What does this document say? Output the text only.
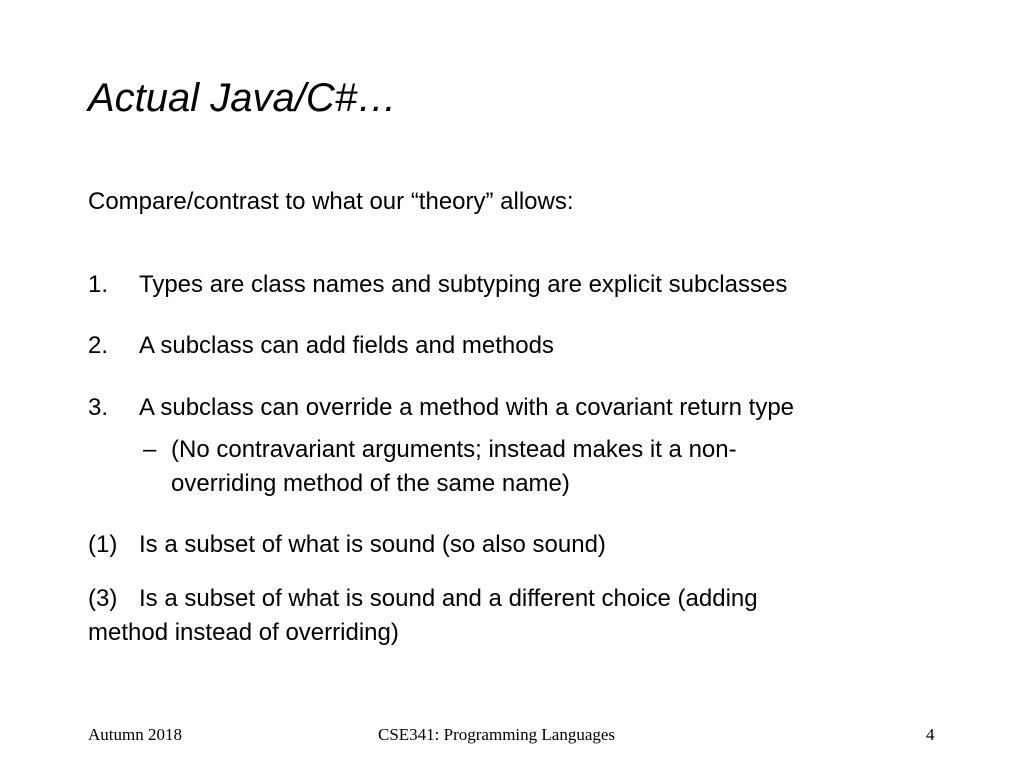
Actual Java/C#…
Compare/contrast to what our “theory” allows:
1. Types are class names and subtyping are explicit subclasses
2. A subclass can add fields and methods
3. A subclass can override a method with a covariant return type
– (No contravariant arguments; instead makes it a non-
overriding method of the same name)
(1) Is a subset of what is sound (so also sound)
(3) Is a subset of what is sound and a different choice (adding
method instead of overriding)
Autumn 2018	CSE341: Programming Languages	4
